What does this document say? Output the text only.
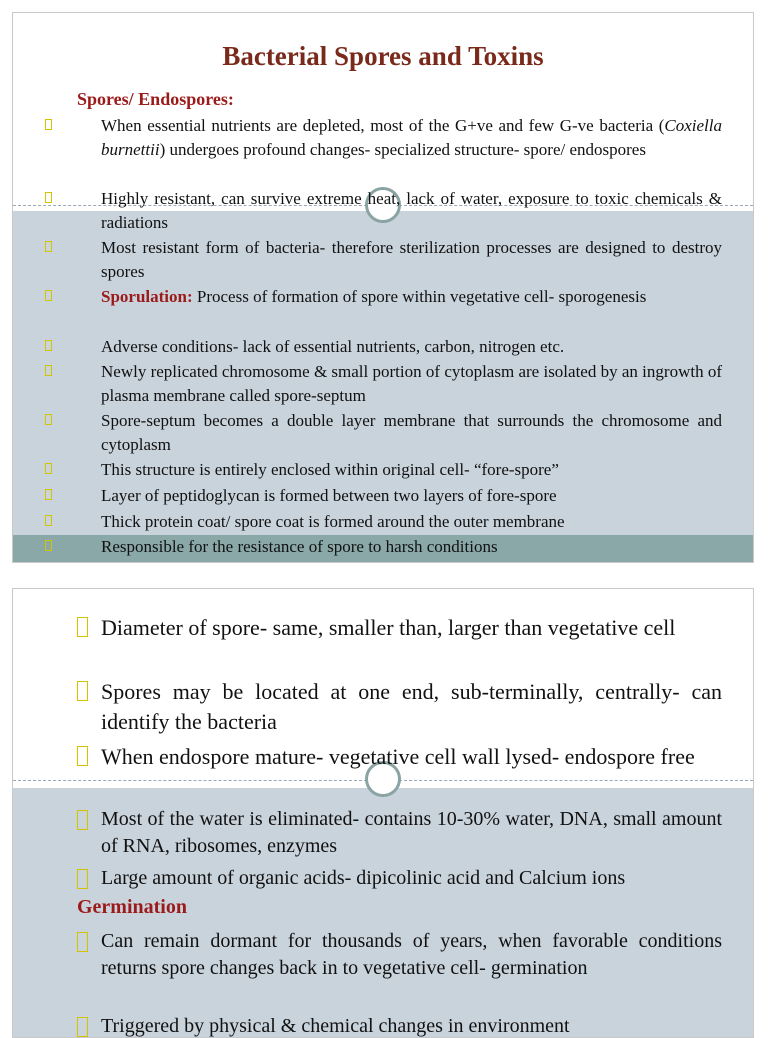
Bacterial Spores and Toxins
Spores/ Endospores:
When essential nutrients are depleted, most of the G+ve and few G-ve bacteria (Coxiella burnettii) undergoes profound changes- specialized structure- spore/ endospores
Highly resistant, can survive extreme heat, lack of water, exposure to toxic chemicals & radiations
Most resistant form of bacteria- therefore sterilization processes are designed to destroy spores
Sporulation: Process of formation of spore within vegetative cell- sporogenesis
Adverse conditions- lack of essential nutrients, carbon, nitrogen etc.
Newly replicated chromosome & small portion of cytoplasm are isolated by an ingrowth of plasma membrane called spore-septum
Spore-septum becomes a double layer membrane that surrounds the chromosome and cytoplasm
This structure is entirely enclosed within original cell- “fore-spore”
Layer of peptidoglycan is formed between two layers of fore-spore
Thick protein coat/ spore coat is formed around the outer membrane
Responsible for the resistance of spore to harsh conditions
Diameter of spore- same, smaller than, larger than vegetative cell
Spores may be located at one end, sub-terminally, centrally- can identify the bacteria
When endospore mature- vegetative cell wall lysed- endospore free
Most of the water is eliminated- contains 10-30% water, DNA, small amount of RNA, ribosomes, enzymes
Large amount of organic acids- dipicolinic acid and Calcium ions
Germination
Can remain dormant for thousands of years, when favorable conditions returns spore changes back in to vegetative cell- germination
Triggered by physical & chemical changes in environment
